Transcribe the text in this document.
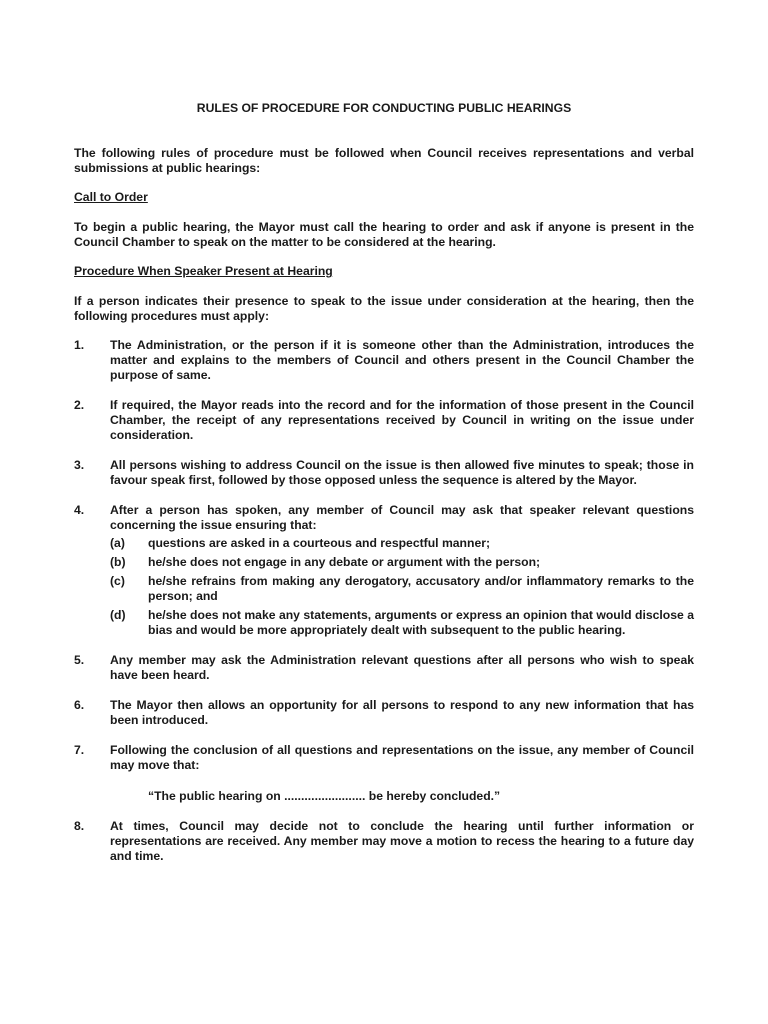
RULES OF PROCEDURE FOR CONDUCTING PUBLIC HEARINGS
The following rules of procedure must be followed when Council receives representations and verbal submissions at public hearings:
Call to Order
To begin a public hearing, the Mayor must call the hearing to order and ask if anyone is present in the Council Chamber to speak on the matter to be considered at the hearing.
Procedure When Speaker Present at Hearing
If a person indicates their presence to speak to the issue under consideration at the hearing, then the following procedures must apply:
1.	The Administration, or the person if it is someone other than the Administration, introduces the matter and explains to the members of Council and others present in the Council Chamber the purpose of same.
2.	If required, the Mayor reads into the record and for the information of those present in the Council Chamber, the receipt of any representations received by Council in writing on the issue under consideration.
3.	All persons wishing to address Council on the issue is then allowed five minutes to speak; those in favour speak first, followed by those opposed unless the sequence is altered by the Mayor.
4.	After a person has spoken, any member of Council may ask that speaker relevant questions concerning the issue ensuring that:
(a)	questions are asked in a courteous and respectful manner;
(b)	he/she does not engage in any debate or argument with the person;
(c)	he/she refrains from making any derogatory, accusatory and/or inflammatory remarks to the person; and
(d)	he/she does not make any statements, arguments or express an opinion that would disclose a bias and would be more appropriately dealt with subsequent to the public hearing.
5.	Any member may ask the Administration relevant questions after all persons who wish to speak have been heard.
6.	The Mayor then allows an opportunity for all persons to respond to any new information that has been introduced.
7.	Following the conclusion of all questions and representations on the issue, any member of Council may move that:
“The public hearing on ........................ be hereby concluded.”
8.	At times, Council may decide not to conclude the hearing until further information or representations are received. Any member may move a motion to recess the hearing to a future day and time.
